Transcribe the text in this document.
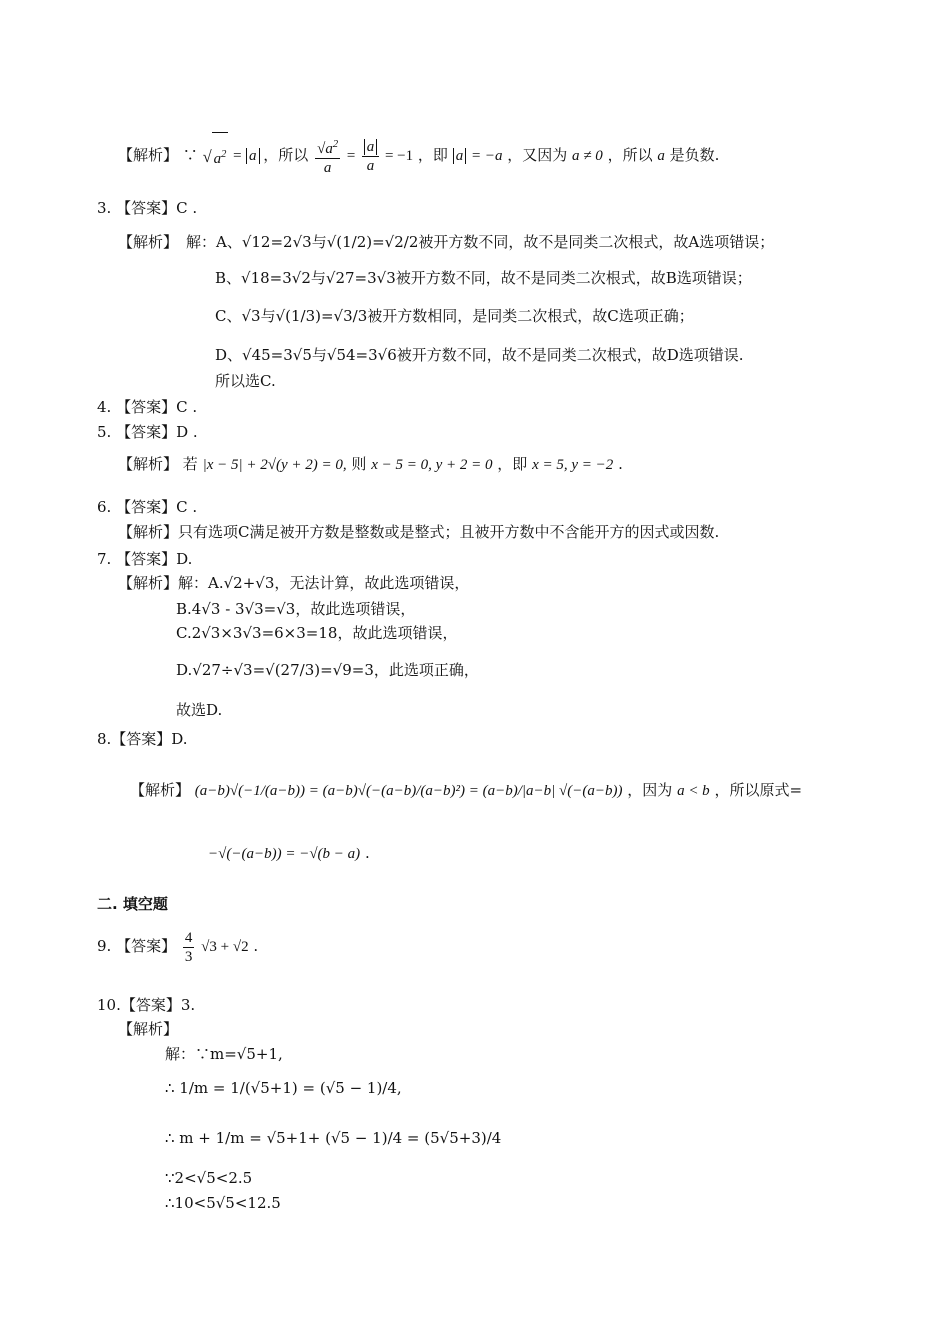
【解析】 ∵ √ $a^2 = a$ ，所以 $\frac{√a^2}{a} = \frac{a}{a} = -1$ ，即 a = −a ，又因为 a ≠ 0 ，所以 a 是负数.
3. 【答案】C .
【解析】 解：A、√12=2√3与√(1/2)=√2/2被开方数不同，故不是同类二次根式，故A选项错误；
B、√18=3√2与√27=3√3被开方数不同，故不是同类二次根式，故B选项错误；
C、√3与√(1/3)=√3/3被开方数相同，是同类二次根式，故C选项正确；
D、√45=3√5与√54=3√6被开方数不同，故不是同类二次根式，故D选项错误.
所以选C.
4. 【答案】C .
5. 【答案】D .
【解析】 若 |x − 5| + 2√(y + 2) = 0, 则 x − 5 = 0, y + 2 = 0 ，即 x = 5, y = −2 .
6. 【答案】C .
【解析】只有选项C满足被开方数是整数或是整式；且被开方数中不含能开方的因式或因数.
7. 【答案】D.
【解析】解：A.√2+√3，无法计算，故此选项错误，
B.4√3 - 3√3=√3，故此选项错误，
C.2√3×3√3=6×3=18，故此选项错误，
D.√27÷√3=√(27/3)=√9=3，此选项正确，
故选D.
8.【答案】D.
【解析】 (a−b)√(−1/(a−b)) = (a−b)√(−(a−b)/(a−b)²) = (a−b)/|a−b| √(−(a−b)) ，因为 a < b ，所以原式=
−√(−(a−b)) = −√(b − a) .
二. 填空题
9. 【答案】 $\frac{4}{3} √3 + √2$ .
10.【答案】3.
【解析】
解：∵m=√5+1,
∴ 1/m = 1/(√5+1) = (√5 − 1)/4,
∴ m + 1/m = √5+1+ (√5 − 1)/4 = (5√5+3)/4
∵2<√5<2.5
∴10<5√5<12.5
